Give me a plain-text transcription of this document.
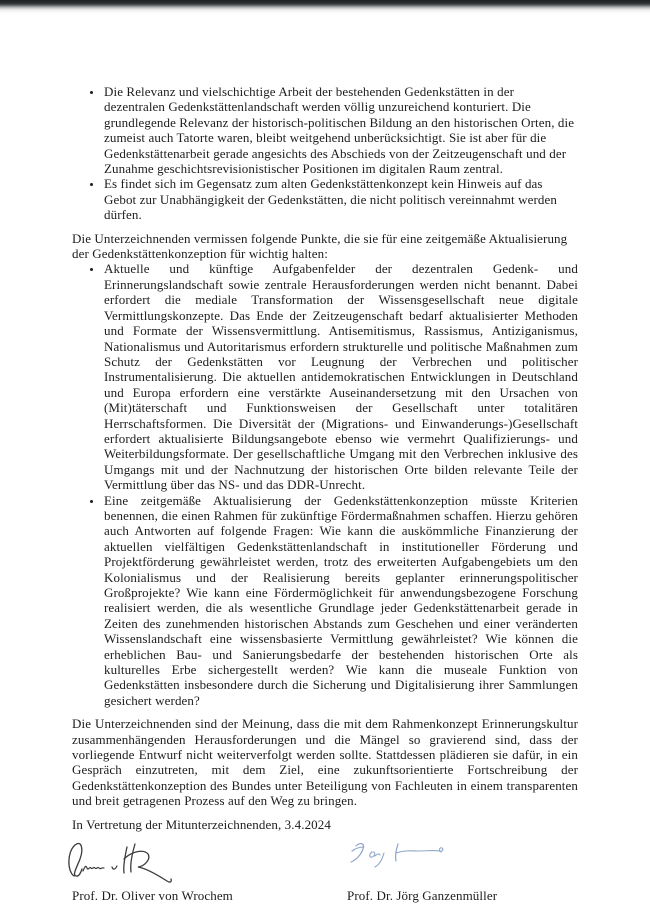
• Die Relevanz und vielschichtige Arbeit der bestehenden Gedenkstätten in der dezentralen Gedenkstättenlandschaft werden völlig unzureichend konturiert. Die grundlegende Relevanz der historisch-politischen Bildung an den historischen Orten, die zumeist auch Tatorte waren, bleibt weitgehend unberücksichtigt. Sie ist aber für die Gedenkstättenarbeit gerade angesichts des Abschieds von der Zeitzeugenschaft und der Zunahme geschichtsrevisionistischer Positionen im digitalen Raum zentral.
• Es findet sich im Gegensatz zum alten Gedenkstättenkonzept kein Hinweis auf das Gebot zur Unabhängigkeit der Gedenkstätten, die nicht politisch vereinnahmt werden dürfen.

Die Unterzeichnenden vermissen folgende Punkte, die sie für eine zeitgemäße Aktualisierung der Gedenkstättenkonzeption für wichtig halten:

• Aktuelle und künftige Aufgabenfelder der dezentralen Gedenk- und Erinnerungslandschaft sowie zentrale Herausforderungen werden nicht benannt. Dabei erfordert die mediale Transformation der Wissensgesellschaft neue digitale Vermittlungskonzepte. Das Ende der Zeitzeugenschaft bedarf aktualisierter Methoden und Formate der Wissensvermittlung. Antisemitismus, Rassismus, Antiziganismus, Nationalismus und Autoritarismus erfordern strukturelle und politische Maßnahmen zum Schutz der Gedenkstätten vor Leugnung der Verbrechen und politischer Instrumentalisierung. Die aktuellen antidemokratischen Entwicklungen in Deutschland und Europa erfordern eine verstärkte Auseinandersetzung mit den Ursachen von (Mit)täterschaft und Funktionsweisen der Gesellschaft unter totalitären Herrschaftsformen. Die Diversität der (Migrations- und Einwanderungs-)Gesellschaft erfordert aktualisierte Bildungsangebote ebenso wie vermehrt Qualifizierungs- und Weiterbildungsformate. Der gesellschaftliche Umgang mit den Verbrechen inklusive des Umgangs mit und der Nachnutzung der historischen Orte bilden relevante Teile der Vermittlung über das NS- und das DDR-Unrecht.
• Eine zeitgemäße Aktualisierung der Gedenkstättenkonzeption müsste Kriterien benennen, die einen Rahmen für zukünftige Fördermaßnahmen schaffen. Hierzu gehören auch Antworten auf folgende Fragen: Wie kann die auskömmliche Finanzierung der aktuellen vielfältigen Gedenkstättenlandschaft in institutioneller Förderung und Projektförderung gewährleistet werden, trotz des erweiterten Aufgabengebiets um den Kolonialismus und der Realisierung bereits geplanter erinnerungspolitischer Großprojekte? Wie kann eine Fördermöglichkeit für anwendungsbezogene Forschung realisiert werden, die als wesentliche Grundlage jeder Gedenkstättenarbeit gerade in Zeiten des zunehmenden historischen Abstands zum Geschehen und einer veränderten Wissenslandschaft eine wissensbasierte Vermittlung gewährleistet? Wie können die erheblichen Bau- und Sanierungsbedarfe der bestehenden historischen Orte als kulturelles Erbe sichergestellt werden? Wie kann die museale Funktion von Gedenkstätten insbesondere durch die Sicherung und Digitalisierung ihrer Sammlungen gesichert werden?

Die Unterzeichnenden sind der Meinung, dass die mit dem Rahmenkonzept Erinnerungskultur zusammenhängenden Herausforderungen und die Mängel so gravierend sind, dass der vorliegende Entwurf nicht weiterverfolgt werden sollte. Stattdessen plädieren sie dafür, in ein Gespräch einzutreten, mit dem Ziel, eine zukunftsorientierte Fortschreibung der Gedenkstättenkonzeption des Bundes unter Beteiligung von Fachleuten in einem transparenten und breit getragenen Prozess auf den Weg zu bringen.

In Vertretung der Mitunterzeichnenden, 3.4.2024

Prof. Dr. Oliver von Wrochem	Prof. Dr. Jörg Ganzenmüller
